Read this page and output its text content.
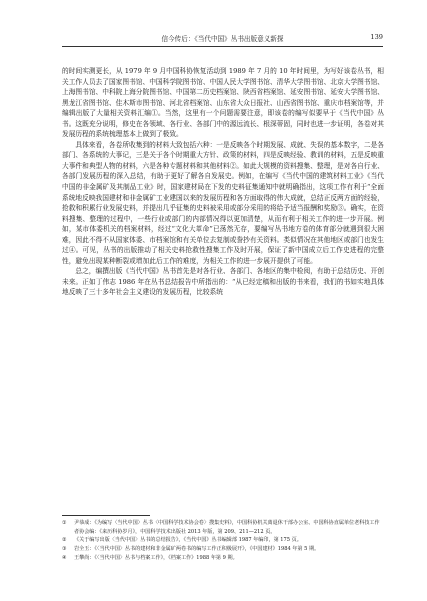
信今传后：《当代中国》丛书出版意义新探	139

的时间实测更长，从 1979 年 9 月中国科协恢复活动到 1989 年 7 月的 10 年时间里，为写好该卷丛书，相关工作人员去了国家图书馆、中国科学院图书馆、中国人民大学图书馆、清华大学图书馆、北京大学图书馆、上海图书馆、中科院上海分院图书馆、中国第二历史档案馆、陕西省档案馆、延安图书馆、延安大学图书馆、黑龙江省图书馆、佳木斯市图书馆、河北省档案馆、山东省大众日报社、山西省图书馆、重庆市档案馆等，并编辑出版了大量相关资料汇编①。当然，这里有一个问题需要注意，即该卷的编写似要早于《当代中国》丛书。这既充分说明，修史在各领域、各行业、各部门中的源远流长、根深蒂固，同时也进一步证明，各卷对其发展历程的系统梳理基本上做到了极致。

具体来看，各卷所收集到的材料大致包括六种：一是反映各个时期发展、成就、失误的基本数字，二是各部门、各系统的大事记，三是关于各个时期重大方针、政策的材料，四是反映经验、教训的材料，五是反映重大事件和典型人物的材料，六是各种专题材料和其他材料②。如此大规模的资料搜集、整理，是对各自行业、各部门发展历程的深入总结，有助于更好了解各自发展史。例如，在编写《当代中国的建筑材料工业》《当代中国的非金属矿及其制品工业》时，国家建材局在下发的史料征集通知中就明确指出，这项工作有利于“全面系统地反映我国建材和非金属矿工业建国以来的发展历程和各方面取得的伟大成就，总结正反两方面的经验，抢救和积累行业发展史料，并提出几乎征集的史料被采用或部分采用的将给予适当报酬和奖励③。确实，在资料搜集、整理的过程中，一些行业或部门的内部情况得以更加清楚，从而有利于相关工作的进一步开展。例如，某市体委机关的档案材料，经过“文化大革命”已荡然无存，要编写丛书地方卷的体育部分就遇到很大困难，因此不得不从国家体委、市档案馆和有关单位去复制或誊抄有关资料。类似情况在其他地区或部门也发生过④。可见，丛书的出版推动了相关史料抢救性搜集工作及时开展，保证了新中国成立后工作史进程的完整性，避免出现某种断裂或增加此后工作的难度，为相关工作的进一步展开提供了可能。

总之，编撰出版《当代中国》丛书首先是对各行业、各部门、各地区的集中检阅，有助于总结历史、开创未来。正如丁伟志 1986 年在丛书总结报告中所指出的：“从已经定稿和出版的书来看，我们的书如实地具体地反映了三十多年社会主义建设的发展历程，比较系统

①	尹恭成：《为编写〈当代中国〉丛书〈中国科学技术协会卷〉搜集史料》，中国科协机关离退休干部办公室、中国科协直属单位老科技工作者协会编：《来历科协岁月》，中国科学技术出版社 2013 年版，第 209、211—212 页。
②	《关于编写出版〈当代中国〉丛书的总结报告》，《当代中国》丛书编辑部 1987 年编印，第 175 页。
③	岩全玉：《〈当代中国〉丛书的建材和非金属矿两卷书的编写工作正积极展开》，《中国建材》1984 年第 5 期。
④	王攀尚：《〈当代中国〉丛书与档案工作》，《档案工作》1988 年第 9 期。
